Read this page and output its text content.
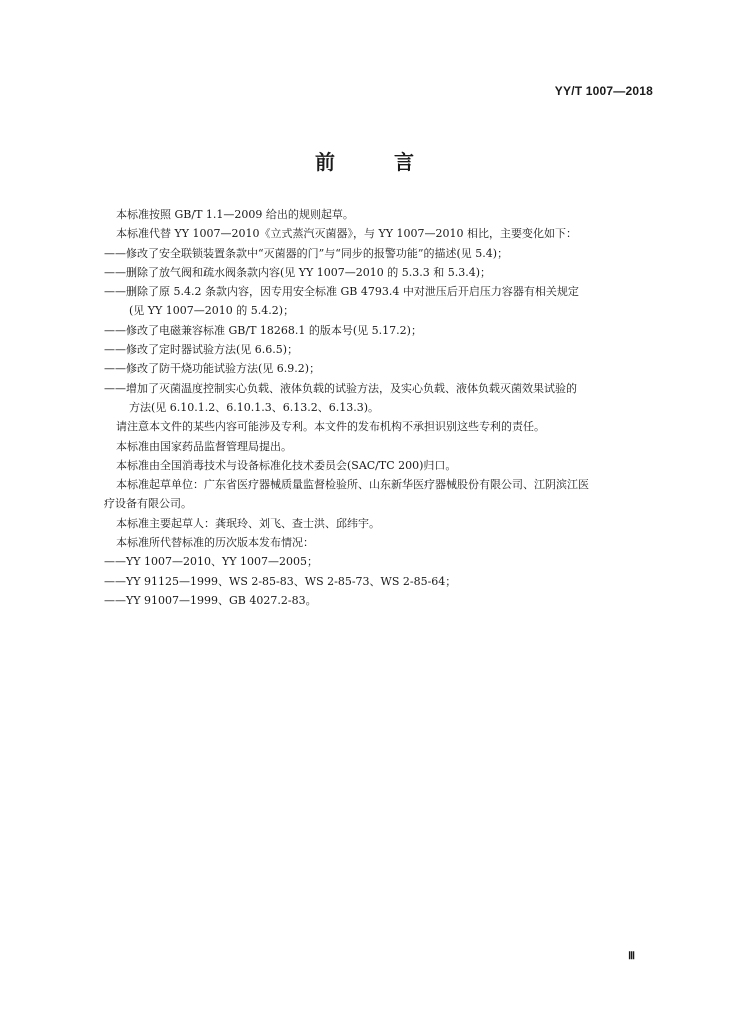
YY/T 1007—2018
前 言
本标准按照 GB/T 1.1—2009 给出的规则起草。
本标准代替 YY 1007—2010《立式蒸汽灭菌器》，与 YY 1007—2010 相比，主要变化如下：
——修改了安全联锁装置条款中“灭菌器的门”与“同步的报警功能”的描述(见 5.4)；
——删除了放气阀和疏水阀条款内容(见 YY 1007—2010 的 5.3.3 和 5.3.4)；
——删除了原 5.4.2 条款内容，因专用安全标准 GB 4793.4 中对泄压后开启压力容器有相关规定
(见 YY 1007—2010 的 5.4.2)；
——修改了电磁兼容标准 GB/T 18268.1 的版本号(见 5.17.2)；
——修改了定时器试验方法(见 6.6.5)；
——修改了防干烧功能试验方法(见 6.9.2)；
——增加了灭菌温度控制实心负载、液体负载的试验方法，及实心负载、液体负载灭菌效果试验的
方法(见 6.10.1.2、6.10.1.3、6.13.2、6.13.3)。
请注意本文件的某些内容可能涉及专利。本文件的发布机构不承担识别这些专利的责任。
本标准由国家药品监督管理局提出。
本标准由全国消毒技术与设备标准化技术委员会(SAC/TC 200)归口。
本标准起草单位：广东省医疗器械质量监督检验所、山东新华医疗器械股份有限公司、江阴滨江医
疗设备有限公司。
本标准主要起草人：龚珉玲、刘飞、查士洪、邱纬宇。
本标准所代替标准的历次版本发布情况：
——YY 1007—2010、YY 1007—2005；
——YY 91125—1999、WS 2-85-83、WS 2-85-73、WS 2-85-64；
——YY 91007—1999、GB 4027.2-83。
Ⅲ
